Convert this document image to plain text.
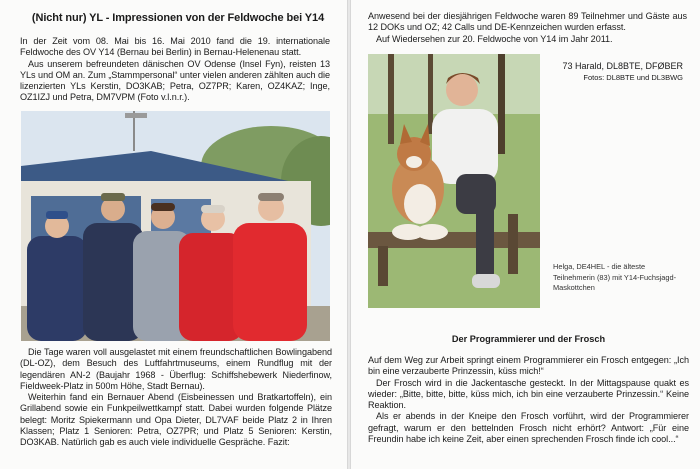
(Nicht nur) YL - Impressionen von der Feldwoche bei Y14

In der Zeit vom 08. Mai bis 16. Mai 2010 fand die 19. internationale Feldwoche des OV Y14 (Bernau bei Berlin) in Bernau-Helenenau statt.

Aus unserem befreundeten dänischen OV Odense (Insel Fyn), reisten 13 YLs und OM an. Zum „Stammpersonal“ unter vielen anderen zählten auch die lizenzierten YLs Kerstin, DO3KAB; Petra, OZ7PR; Karen, OZ4KAZ; Inge, OZ1IZJ und Petra, DM7VPM (Foto v.l.n.r.).

Die Tage waren voll ausgelastet mit einem freundschaftlichen Bowlingabend (DL-OZ), dem Besuch des Luftfahrtmuseums, einem Rundflug mit der legendären AN-2 (Baujahr 1968 - Überflug: Schiffshebewerk Niederfinow, Fieldweek-Platz in 500m Höhe, Stadt Bernau).

Weiterhin fand ein Bernauer Abend (Eisbeinessen und Bratkartoffeln), ein Grillabend sowie ein Funkpeilwettkampf statt. Dabei wurden folgende Plätze belegt: Moritz Spiekermann und Opa Dieter, DL7VAF beide Platz 2 in Ihren Klassen; Platz 1 Senioren: Petra, OZ7PR; und Platz 5 Senioren: Kerstin, DO3KAB. Natürlich gab es auch viele individuelle Gespräche. Fazit:

Anwesend bei der diesjährigen Feldwoche waren 89 Teilnehmer und Gäste aus 12 DOKs und OZ; 42 Calls und DE-Kennzeichen wurden erfasst.

Auf Wiedersehen zur 20. Feldwoche von Y14 im Jahr 2011.

73 Harald, DL8BTE, DFØBER
Fotos: DL8BTE und DL3BWG
Helga, DE4HEL - die älteste Teilnehmerin (83) mit Y14-Fuchsjagd-Maskottchen
Der Programmierer und der Frosch

Auf dem Weg zur Arbeit springt einem Programmierer ein Frosch entgegen: „Ich bin eine verzauberte Prinzessin, küss mich!“

Der Frosch wird in die Jackentasche gesteckt. In der Mittagspause quakt es wieder: „Bitte, bitte, bitte, küss mich, ich bin eine verzauberte Prinzessin.“ Keine Reaktion.

Als er abends in der Kneipe den Frosch vorführt, wird der Programmierer gefragt, warum er den bettelnden Frosch nicht erhört? Antwort: „Für eine Freundin habe ich keine Zeit, aber einen sprechenden Frosch finde ich cool...“
